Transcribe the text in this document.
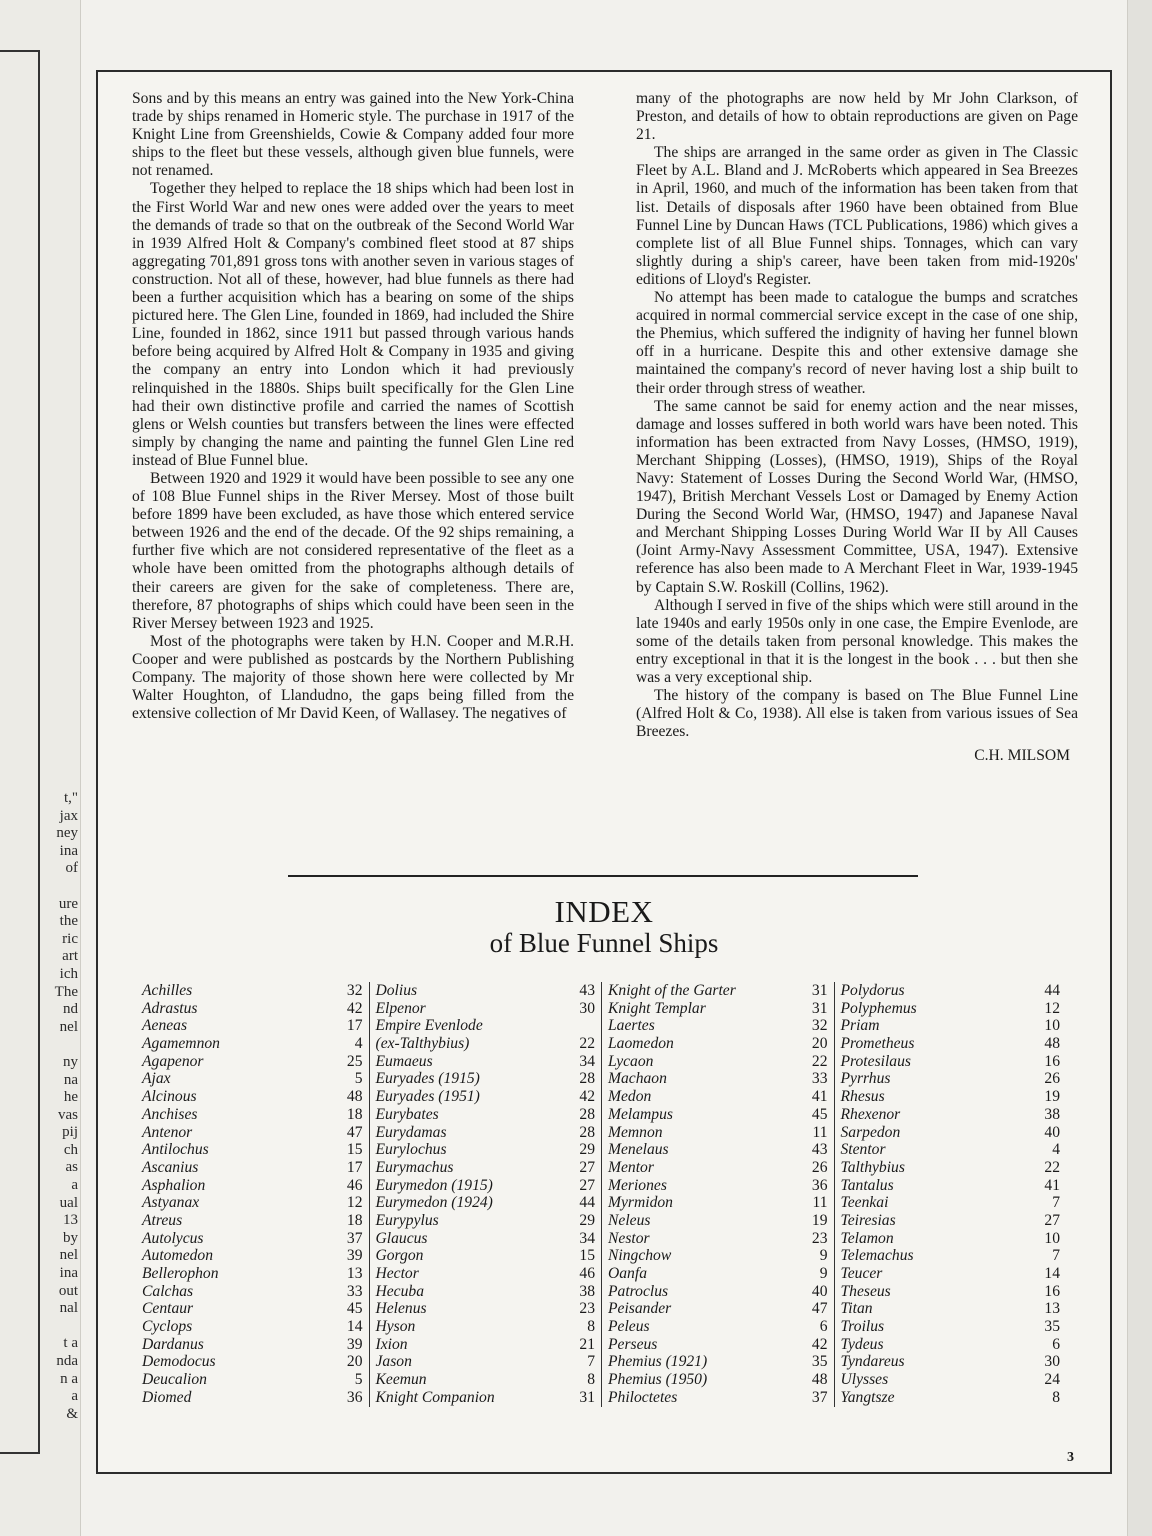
t,"
jax
ney
ina
of
ure
the
ric
art
ich
The
nd
nel
ny
na
he
vas
pij
ch
as
a
ual
13
by
nel
ina
out
nal
t a
nda
n a
a
&

Sons and by this means an entry was gained into the New York-China trade by ships renamed in Homeric style. The purchase in 1917 of the Knight Line from Greenshields, Cowie & Company added four more ships to the fleet but these vessels, although given blue funnels, were not renamed.

Together they helped to replace the 18 ships which had been lost in the First World War and new ones were added over the years to meet the demands of trade so that on the outbreak of the Second World War in 1939 Alfred Holt & Company's combined fleet stood at 87 ships aggregating 701,891 gross tons with another seven in various stages of construction. Not all of these, however, had blue funnels as there had been a further acquisition which has a bearing on some of the ships pictured here. The Glen Line, founded in 1869, had included the Shire Line, founded in 1862, since 1911 but passed through various hands before being acquired by Alfred Holt & Company in 1935 and giving the company an entry into London which it had previously relinquished in the 1880s. Ships built specifically for the Glen Line had their own distinctive profile and carried the names of Scottish glens or Welsh counties but transfers between the lines were effected simply by changing the name and painting the funnel Glen Line red instead of Blue Funnel blue.

Between 1920 and 1929 it would have been possible to see any one of 108 Blue Funnel ships in the River Mersey. Most of those built before 1899 have been excluded, as have those which entered service between 1926 and the end of the decade. Of the 92 ships remaining, a further five which are not considered representative of the fleet as a whole have been omitted from the photographs although details of their careers are given for the sake of completeness. There are, therefore, 87 photographs of ships which could have been seen in the River Mersey between 1923 and 1925.

Most of the photographs were taken by H.N. Cooper and M.R.H. Cooper and were published as postcards by the Northern Publishing Company. The majority of those shown here were collected by Mr Walter Houghton, of Llandudno, the gaps being filled from the extensive collection of Mr David Keen, of Wallasey. The negatives of

many of the photographs are now held by Mr John Clarkson, of Preston, and details of how to obtain reproductions are given on Page 21.

The ships are arranged in the same order as given in The Classic Fleet by A.L. Bland and J. McRoberts which appeared in Sea Breezes in April, 1960, and much of the information has been taken from that list. Details of disposals after 1960 have been obtained from Blue Funnel Line by Duncan Haws (TCL Publications, 1986) which gives a complete list of all Blue Funnel ships. Tonnages, which can vary slightly during a ship's career, have been taken from mid-1920s' editions of Lloyd's Register.

No attempt has been made to catalogue the bumps and scratches acquired in normal commercial service except in the case of one ship, the Phemius, which suffered the indignity of having her funnel blown off in a hurricane. Despite this and other extensive damage she maintained the company's record of never having lost a ship built to their order through stress of weather.

The same cannot be said for enemy action and the near misses, damage and losses suffered in both world wars have been noted. This information has been extracted from Navy Losses, (HMSO, 1919), Merchant Shipping (Losses), (HMSO, 1919), Ships of the Royal Navy: Statement of Losses During the Second World War, (HMSO, 1947), British Merchant Vessels Lost or Damaged by Enemy Action During the Second World War, (HMSO, 1947) and Japanese Naval and Merchant Shipping Losses During World War II by All Causes (Joint Army-Navy Assessment Committee, USA, 1947). Extensive reference has also been made to A Merchant Fleet in War, 1939-1945 by Captain S.W. Roskill (Collins, 1962).

Although I served in five of the ships which were still around in the late 1940s and early 1950s only in one case, the Empire Evenlode, are some of the details taken from personal knowledge. This makes the entry exceptional in that it is the longest in the book . . . but then she was a very exceptional ship.

The history of the company is based on The Blue Funnel Line (Alfred Holt & Co, 1938). All else is taken from various issues of Sea Breezes.

C.H. MILSOM
INDEX
of Blue Funnel Ships
Achilles	32
Adrastus	42
Aeneas	17
Agamemnon	4
Agapenor	25
Ajax	5
Alcinous	48
Anchises	18
Antenor	47
Antilochus	15
Ascanius	17
Asphalion	46
Astyanax	12
Atreus	18
Autolycus	37
Automedon	39
Bellerophon	13
Calchas	33
Centaur	45
Cyclops	14
Dardanus	39
Demodocus	20
Deucalion	5
Diomed	36
Dolius	43
Elpenor	30
Empire Evenlode
(ex-Talthybius)	22
Eumaeus	34
Euryades (1915)	28
Euryades (1951)	42
Eurybates	28
Eurydamas	28
Eurylochus	29
Eurymachus	27
Eurymedon (1915)	27
Eurymedon (1924)	44
Eurypylus	29
Glaucus	34
Gorgon	15
Hector	46
Hecuba	38
Helenus	23
Hyson	8
Ixion	21
Jason	7
Keemun	8
Knight Companion	31
Knight of the Garter	31
Knight Templar	31
Laertes	32
Laomedon	20
Lycaon	22
Machaon	33
Medon	41
Melampus	45
Memnon	11
Menelaus	43
Mentor	26
Meriones	36
Myrmidon	11
Neleus	19
Nestor	23
Ningchow	9
Oanfa	9
Patroclus	40
Peisander	47
Peleus	6
Perseus	42
Phemius (1921)	35
Phemius (1950)	48
Philoctetes	37
Polydorus	44
Polyphemus	12
Priam	10
Prometheus	48
Protesilaus	16
Pyrrhus	26
Rhesus	19
Rhexenor	38
Sarpedon	40
Stentor	4
Talthybius	22
Tantalus	41
Teenkai	7
Teiresias	27
Telamon	10
Telemachus	7
Teucer	14
Theseus	16
Titan	13
Troilus	35
Tydeus	6
Tyndareus	30
Ulysses	24
Yangtsze	8
3
